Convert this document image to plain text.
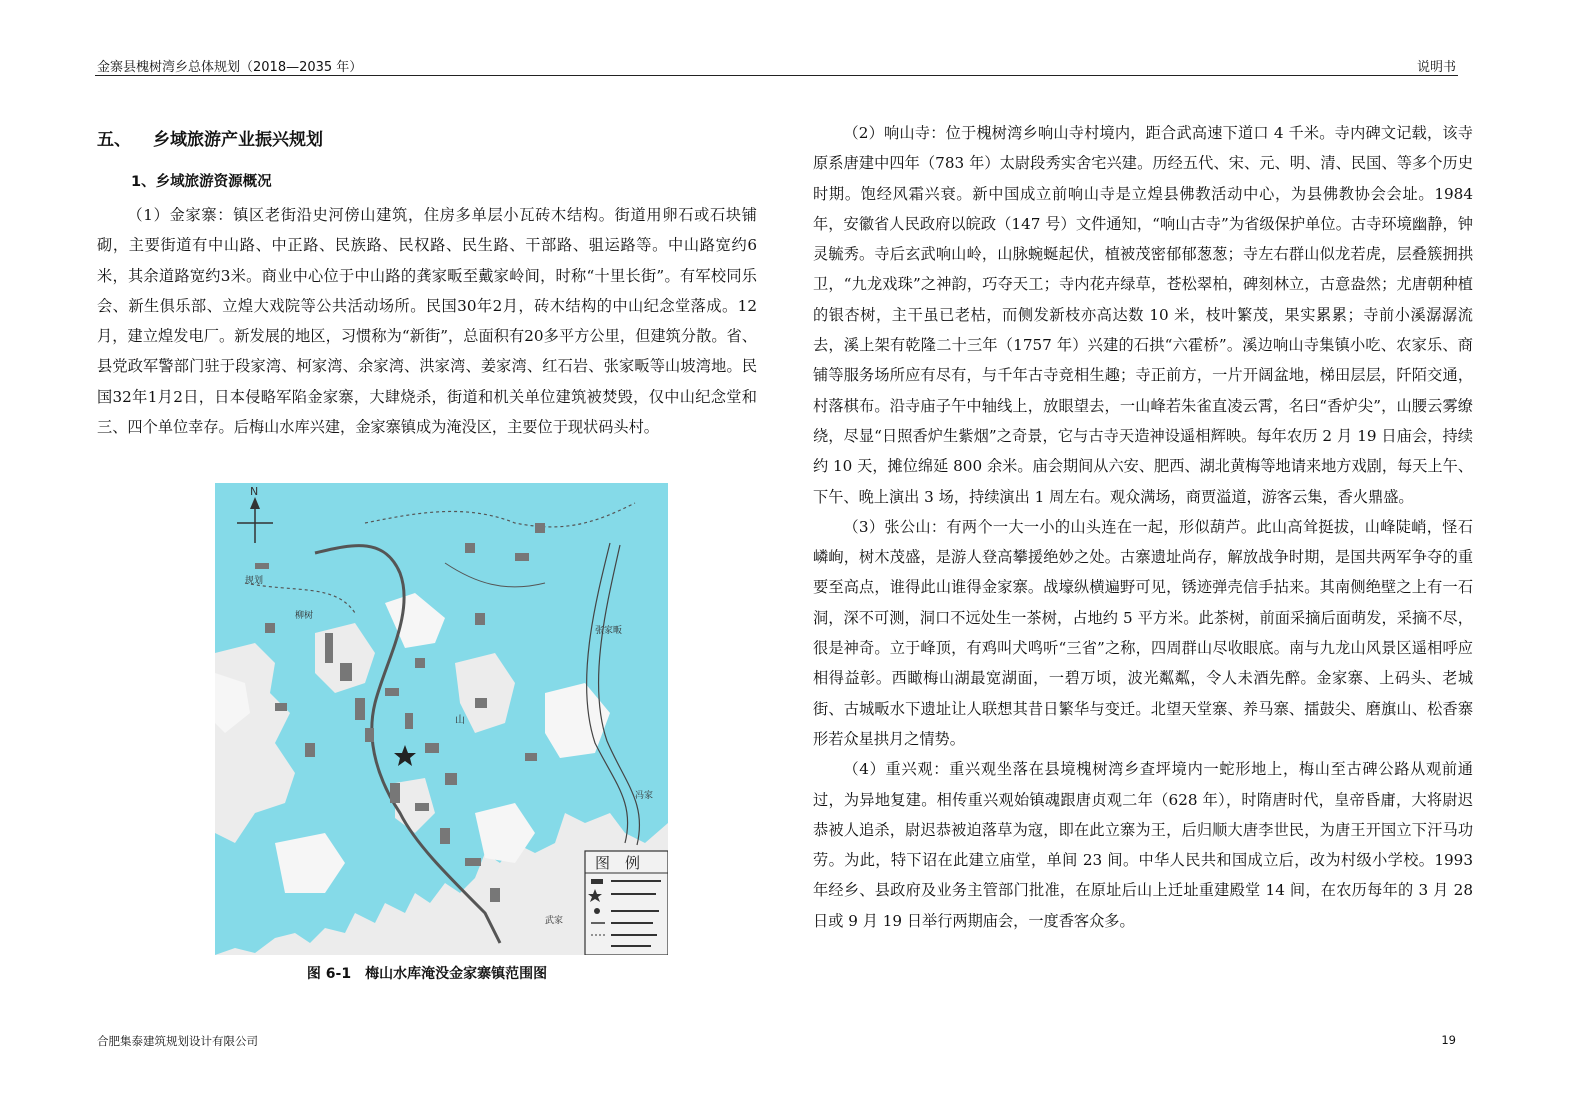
金寨县槐树湾乡总体规划（2018—2035 年）	说明书
五、 乡域旅游产业振兴规划
1、乡域旅游资源概况

（1）金家寨：镇区老街沿史河傍山建筑，住房多单层小瓦砖木结构。街道用卵石或石块铺砌，主要街道有中山路、中正路、民族路、民权路、民生路、干部路、驵运路等。中山路宽约6米，其余道路宽约3米。商业中心位于中山路的龚家畈至戴家岭间，时称“十里长街”。有军校同乐会、新生俱乐部、立煌大戏院等公共活动场所。民国30年2月，砖木结构的中山纪念堂落成。12月，建立煌发电厂。新发展的地区，习惯称为“新街”，总面积有20多平方公里，但建筑分散。省、县党政军警部门驻于段家湾、柯家湾、余家湾、洪家湾、姜家湾、红石岩、张家畈等山坡湾地。民国32年1月2日，日本侵略军陷金家寨，大肆烧杀，街道和机关单位建筑被焚毁，仅中山纪念堂和三、四个单位幸存。后梅山水库兴建，金家寨镇成为淹没区，主要位于现状码头村。

N
规划
柳树
山
冯家
武家
张家畈
图　例
图 6-1　梅山水库淹没金家寨镇范围图

（2）响山寺：位于槐树湾乡响山寺村境内，距合武高速下道口 4 千米。寺内碑文记载，该寺原系唐建中四年（783 年）太尉段秀实舍宅兴建。历经五代、宋、元、明、清、民国、等多个历史时期。饱经风霜兴衰。新中国成立前响山寺是立煌县佛教活动中心，为县佛教协会会址。1984 年，安徽省人民政府以皖政（147 号）文件通知，“响山古寺”为省级保护单位。古寺环境幽静，钟灵毓秀。寺后玄武响山岭，山脉蜿蜒起伏，植被茂密郁郁葱葱；寺左右群山似龙若虎，层叠簇拥拱卫，“九龙戏珠”之神韵，巧夺天工；寺内花卉绿草，苍松翠柏，碑刻林立，古意盎然；尤唐朝种植的银杏树，主干虽已老枯，而侧发新枝亦高达数 10 米，枝叶繁茂，果实累累；寺前小溪潺潺流去，溪上架有乾隆二十三年（1757 年）兴建的石拱“六霍桥”。溪边响山寺集镇小吃、农家乐、商铺等服务场所应有尽有，与千年古寺竞相生趣；寺正前方，一片开阔盆地，梯田层层，阡陌交通，村落棋布。沿寺庙子午中轴线上，放眼望去，一山峰若朱雀直凌云霄，名曰“香炉尖”，山腰云雾缭绕，尽显“日照香炉生紫烟”之奇景，它与古寺天造神设遥相辉映。每年农历 2 月 19 日庙会，持续约 10 天，摊位绵延 800 余米。庙会期间从六安、肥西、湖北黄梅等地请来地方戏剧，每天上午、下午、晚上演出 3 场，持续演出 1 周左右。观众满场，商贾溢道，游客云集，香火鼎盛。

（3）张公山：有两个一大一小的山头连在一起，形似葫芦。此山高耸挺拔，山峰陡峭，怪石嶙峋，树木茂盛，是游人登高攀援绝妙之处。古寨遗址尚存，解放战争时期，是国共两军争夺的重要至高点，谁得此山谁得金家寨。战壕纵横遍野可见，锈迹弹壳信手拈来。其南侧绝壁之上有一石洞，深不可测，洞口不远处生一茶树，占地约 5 平方米。此茶树，前面采摘后面萌发，采摘不尽，很是神奇。立于峰顶，有鸡叫犬鸣听“三省”之称，四周群山尽收眼底。南与九龙山风景区遥相呼应相得益彰。西瞰梅山湖最宽湖面，一碧万顷，波光粼粼，令人未酒先醉。金家寨、上码头、老城街、古城畈水下遗址让人联想其昔日繁华与变迁。北望天堂寨、养马寨、擂鼓尖、磨旗山、松香寨形若众星拱月之情势。

（4）重兴观：重兴观坐落在县境槐树湾乡查坪境内一蛇形地上，梅山至古碑公路从观前通过，为异地复建。相传重兴观始镇魂跟唐贞观二年（628 年），时隋唐时代，皇帝昏庸，大将尉迟恭被人追杀，尉迟恭被迫落草为寇，即在此立寨为王，后归顺大唐李世民，为唐王开国立下汗马功劳。为此，特下诏在此建立庙堂，单间 23 间。中华人民共和国成立后，改为村级小学校。1993 年经乡、县政府及业务主管部门批准，在原址后山上迁址重建殿堂 14 间，在农历每年的 3 月 28 日或 9 月 19 日举行两期庙会，一度香客众多。

合肥集泰建筑规划设计有限公司	19
